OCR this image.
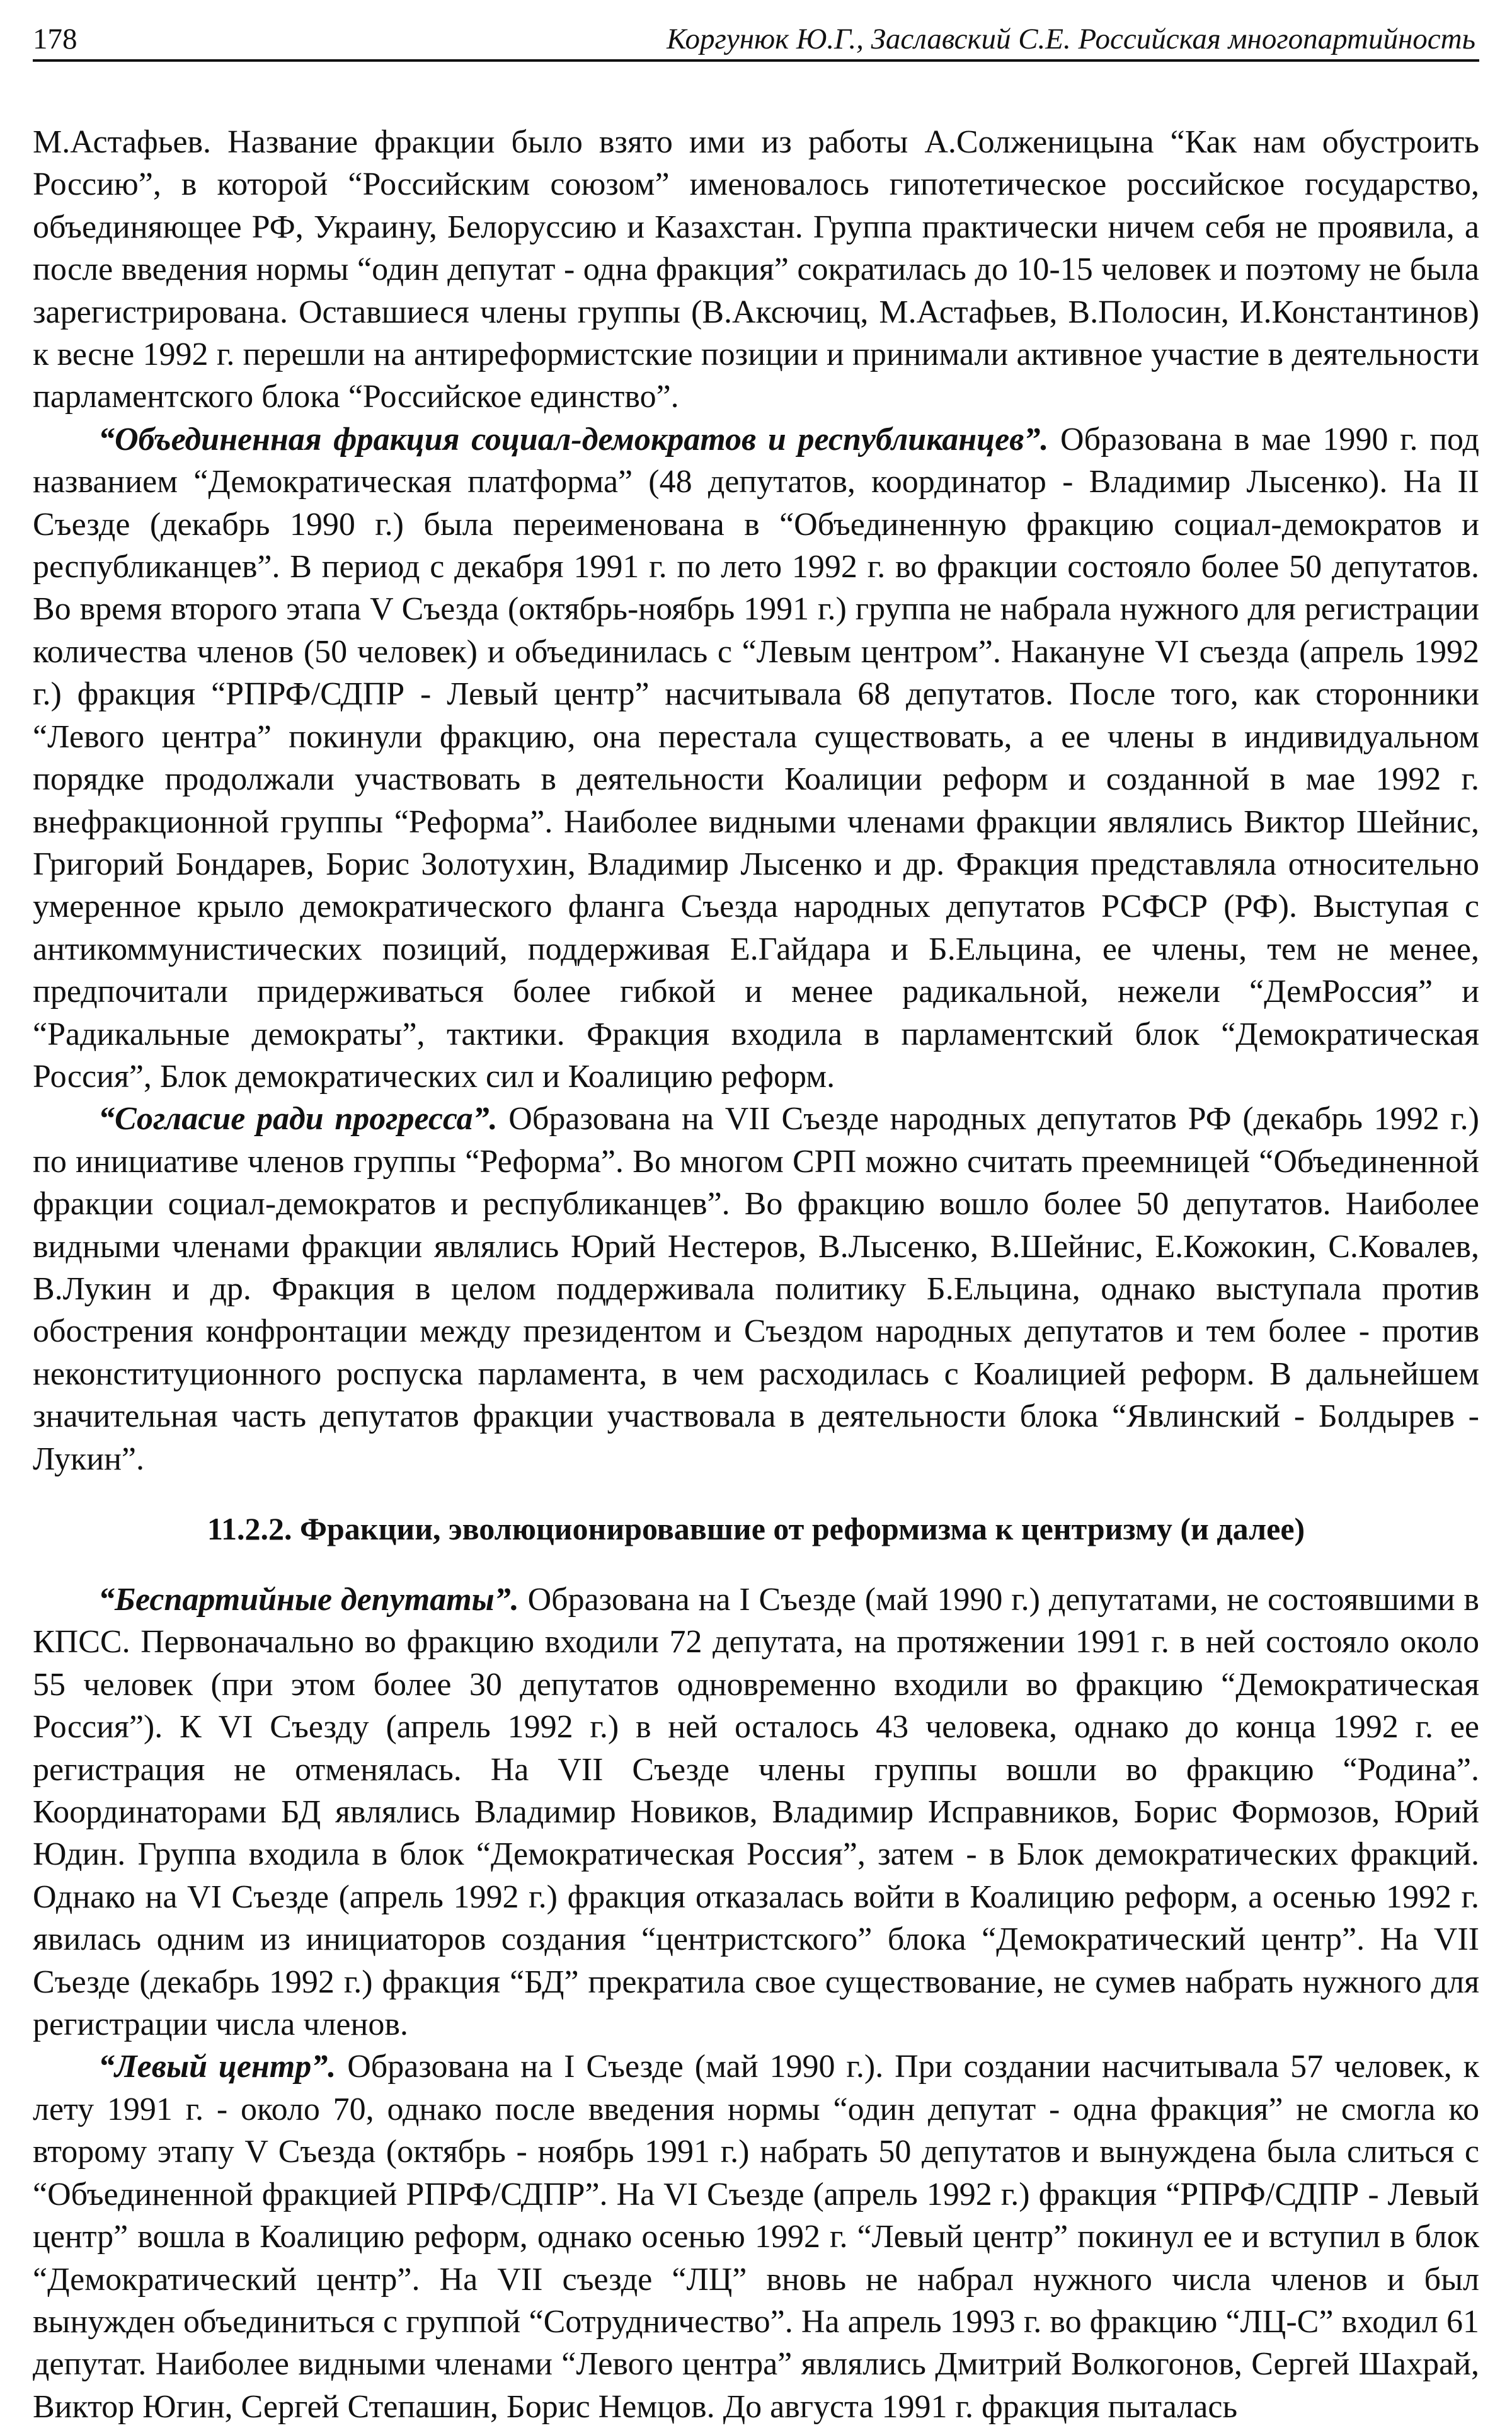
178	Коргунюк Ю.Г., Заславский С.Е. Российская многопартийность

М.Астафьев. Название фракции было взято ими из работы А.Солженицына “Как нам обустроить Россию”, в которой “Российским союзом” именовалось гипотетическое российское государство, объединяющее РФ, Украину, Белоруссию и Казахстан. Группа практически ничем себя не проявила, а после введения нормы “один депутат - одна фракция” сократилась до 10-15 человек и поэтому не была зарегистрирована. Оставшиеся члены группы (В.Аксючиц, М.Астафьев, В.Полосин, И.Константинов) к весне 1992 г. перешли на антиреформистские позиции и принимали активное участие в деятельности парламентского блока “Российское единство”.

“Объединенная фракция социал-демократов и республиканцев”. Образована в мае 1990 г. под названием “Демократическая платформа” (48 депутатов, координатор - Владимир Лысенко). На II Съезде (декабрь 1990 г.) была переименована в “Объединенную фракцию социал-демократов и республиканцев”. В период с декабря 1991 г. по лето 1992 г. во фракции состояло более 50 депутатов. Во время второго этапа V Съезда (октябрь-ноябрь 1991 г.) группа не набрала нужного для регистрации количества членов (50 человек) и объединилась с “Левым центром”. Накануне VI съезда (апрель 1992 г.) фракция “РПРФ/СДПР - Левый центр” насчитывала 68 депутатов. После того, как сторонники “Левого центра” покинули фракцию, она перестала существовать, а ее члены в индивидуальном порядке продолжали участвовать в деятельности Коалиции реформ и созданной в мае 1992 г. внефракционной группы “Реформа”. Наиболее видными членами фракции являлись Виктор Шейнис, Григорий Бондарев, Борис Золотухин, Владимир Лысенко и др. Фракция представляла относительно умеренное крыло демократического фланга Съезда народных депутатов РСФСР (РФ). Выступая с антикоммунистических позиций, поддерживая Е.Гайдара и Б.Ельцина, ее члены, тем не менее, предпочитали придерживаться более гибкой и менее радикальной, нежели “ДемРоссия” и “Радикальные демократы”, тактики. Фракция входила в парламентский блок “Демократическая Россия”, Блок демократических сил и Коалицию реформ.

“Согласие ради прогресса”. Образована на VII Съезде народных депутатов РФ (декабрь 1992 г.) по инициативе членов группы “Реформа”. Во многом СРП можно считать преемницей “Объединенной фракции социал-демократов и республиканцев”. Во фракцию вошло более 50 депутатов. Наиболее видными членами фракции являлись Юрий Нестеров, В.Лысенко, В.Шейнис, Е.Кожокин, С.Ковалев, В.Лукин и др. Фракция в целом поддерживала политику Б.Ельцина, однако выступала против обострения конфронтации между президентом и Съездом народных депутатов и тем более - против неконституционного роспуска парламента, в чем расходилась с Коалицией реформ. В дальнейшем значительная часть депутатов фракции участвовала в деятельности блока “Явлинский - Болдырев - Лукин”.

11.2.2. Фракции, эволюционировавшие от реформизма к центризму (и далее)

“Беспартийные депутаты”. Образована на I Съезде (май 1990 г.) депутатами, не состоявшими в КПСС. Первоначально во фракцию входили 72 депутата, на протяжении 1991 г. в ней состояло около 55 человек (при этом более 30 депутатов одновременно входили во фракцию “Демократическая Россия”). К VI Съезду (апрель 1992 г.) в ней осталось 43 человека, однако до конца 1992 г. ее регистрация не отменялась. На VII Съезде члены группы вошли во фракцию “Родина”. Координаторами БД являлись Владимир Новиков, Владимир Исправников, Борис Формозов, Юрий Юдин. Группа входила в блок “Демократическая Россия”, затем - в Блок демократических фракций. Однако на VI Съезде (апрель 1992 г.) фракция отказалась войти в Коалицию реформ, а осенью 1992 г. явилась одним из инициаторов создания “центристского” блока “Демократический центр”. На VII Съезде (декабрь 1992 г.) фракция “БД” прекратила свое существование, не сумев набрать нужного для регистрации числа членов.

“Левый центр”. Образована на I Съезде (май 1990 г.). При создании насчитывала 57 человек, к лету 1991 г. - около 70, однако после введения нормы “один депутат - одна фракция” не смогла ко второму этапу V Съезда (октябрь - ноябрь 1991 г.) набрать 50 депутатов и вынуждена была слиться с “Объединенной фракцией РПРФ/СДПР”. На VI Съезде (апрель 1992 г.) фракция “РПРФ/СДПР - Левый центр” вошла в Коалицию реформ, однако осенью 1992 г. “Левый центр” покинул ее и вступил в блок “Демократический центр”. На VII съезде “ЛЦ” вновь не набрал нужного числа членов и был вынужден объединиться с группой “Сотрудничество”. На апрель 1993 г. во фракцию “ЛЦ-С” входил 61 депутат. Наиболее видными членами “Левого центра” являлись Дмитрий Волкогонов, Сергей Шахрай, Виктор Югин, Сергей Степашин, Борис Немцов. До августа 1991 г. фракция пыталась
